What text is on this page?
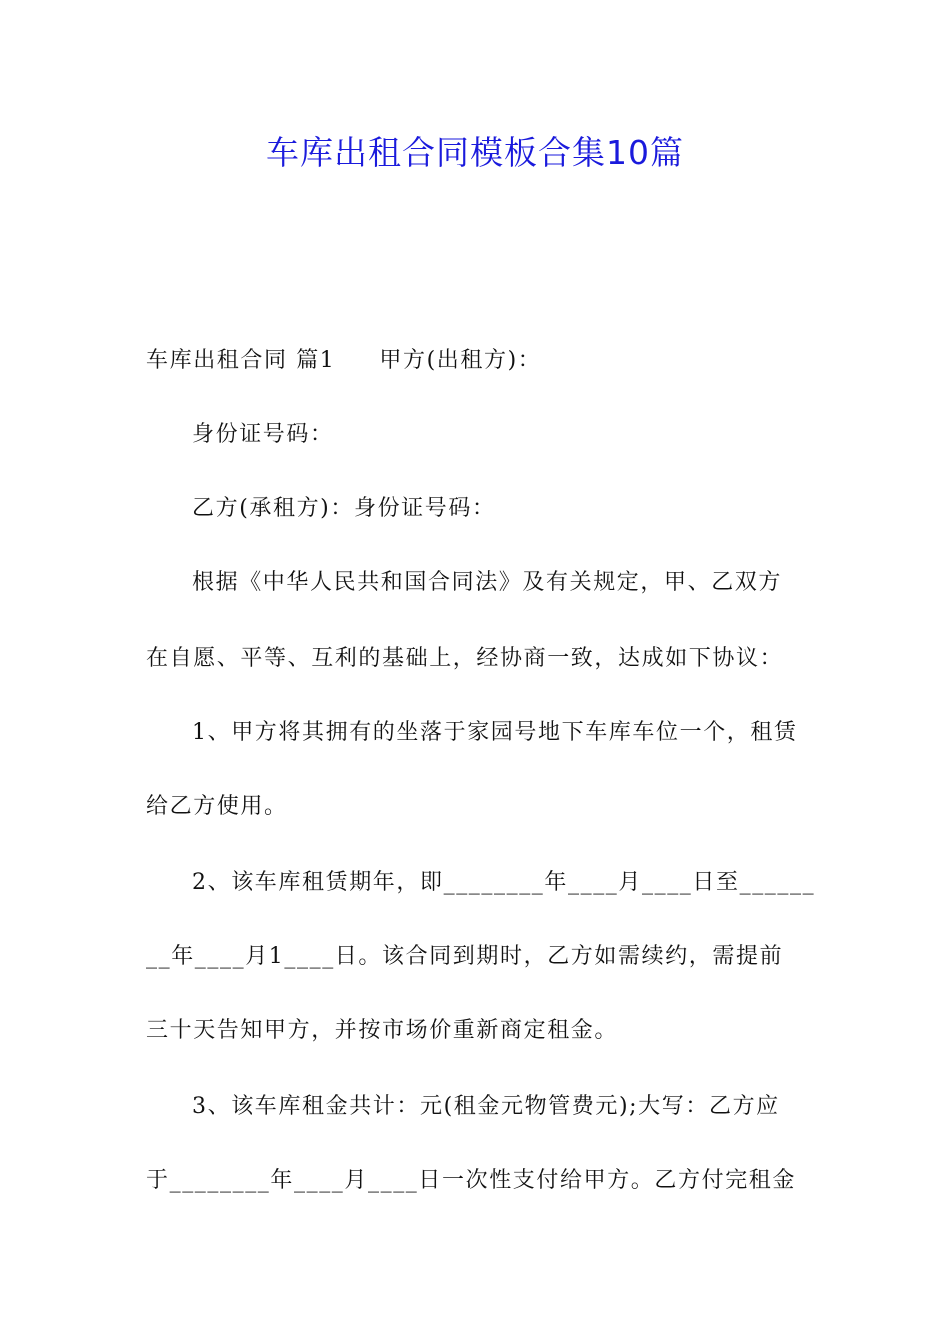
车库出租合同模板合集10篇
车库出租合同 篇1 甲方(出租方)：
身份证号码：
乙方(承租方)：身份证号码：
根据《中华人民共和国合同法》及有关规定，甲、乙双方
在自愿、平等、互利的基础上，经协商一致，达成如下协议：
1、甲方将其拥有的坐落于家园号地下车库车位一个，租赁
给乙方使用。
2、该车库租赁期年，即________年____月____日至______
__年____月1____日。该合同到期时，乙方如需续约，需提前
三十天告知甲方，并按市场价重新商定租金。
3、该车库租金共计：元(租金元物管费元);大写：乙方应
于________年____月____日一次性支付给甲方。乙方付完租金
